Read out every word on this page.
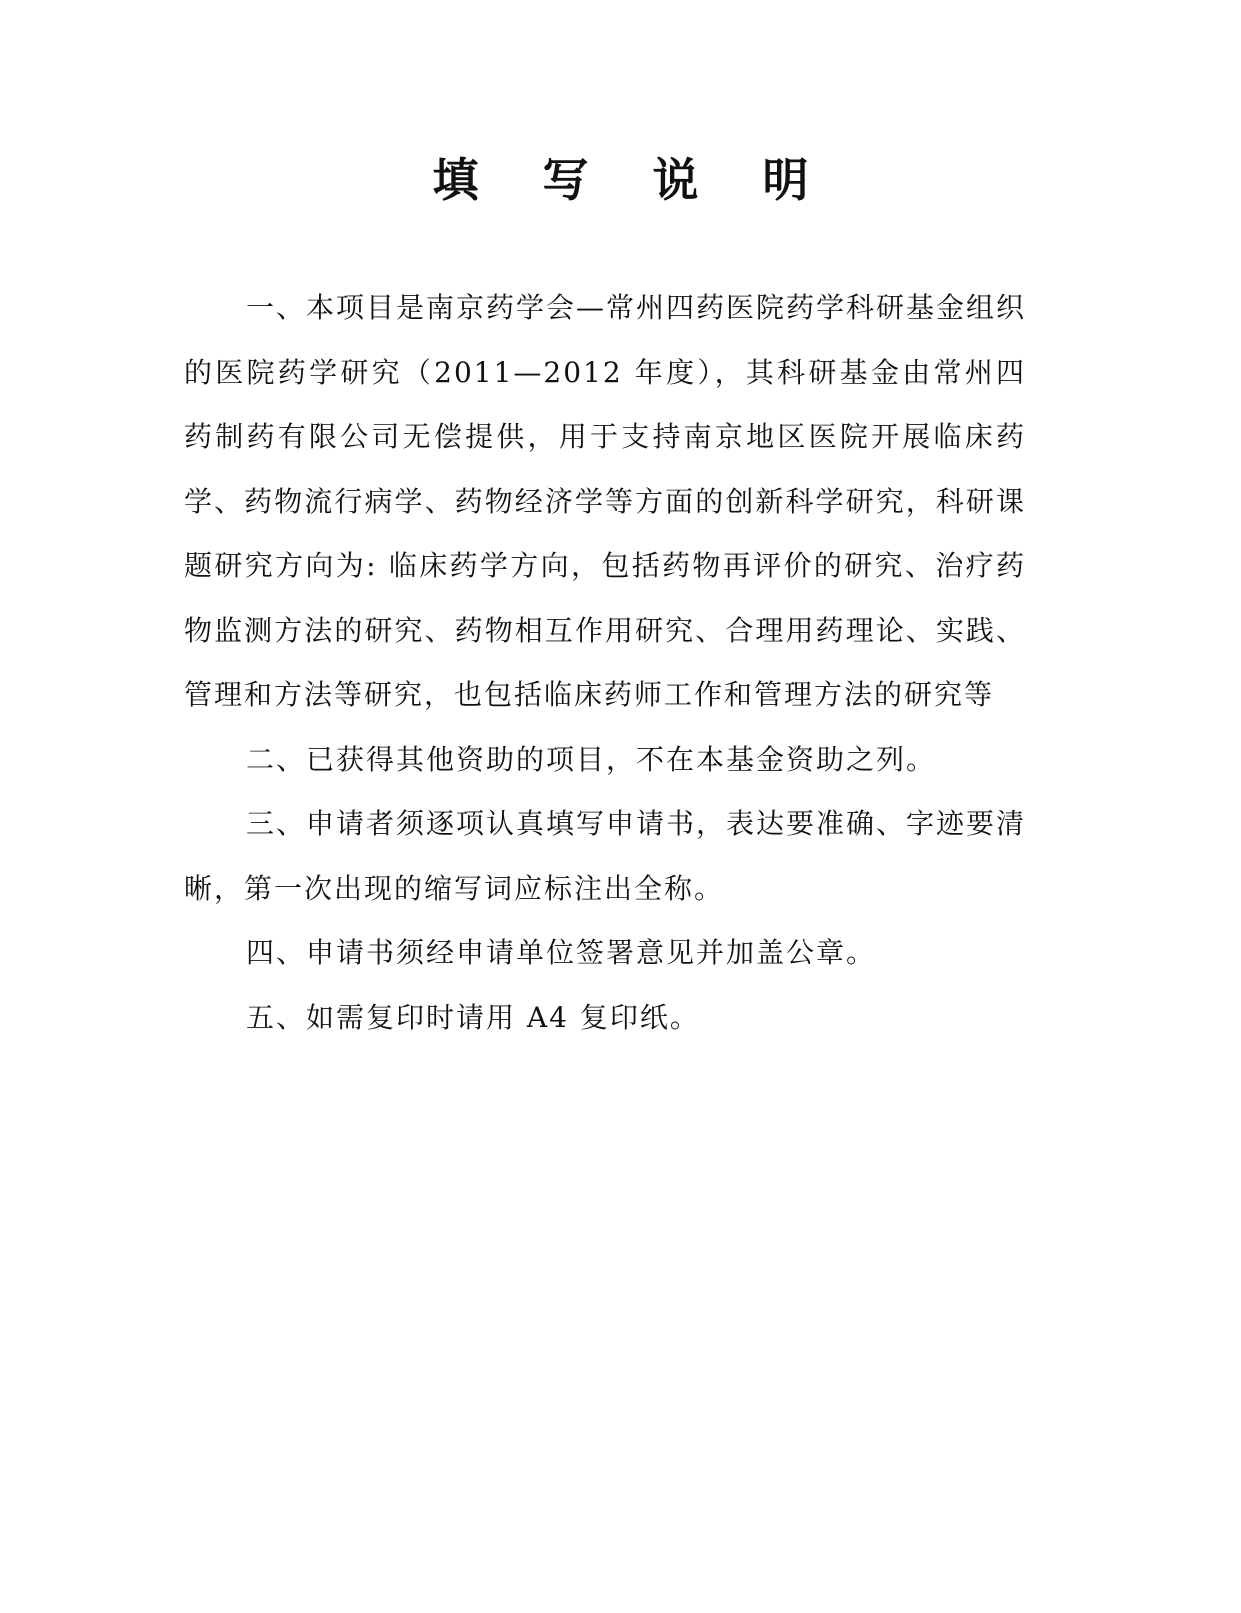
填 写 说 明

一、本项目是南京药学会—常州四药医院药学科研基金组织的医院药学研究（2011—2012 年度），其科研基金由常州四药制药有限公司无偿提供，用于支持南京地区医院开展临床药学、药物流行病学、药物经济学等方面的创新科学研究，科研课题研究方向为: 临床药学方向，包括药物再评价的研究、治疗药物监测方法的研究、药物相互作用研究、合理用药理论、实践、管理和方法等研究，也包括临床药师工作和管理方法的研究等

二、已获得其他资助的项目，不在本基金资助之列。

三、申请者须逐项认真填写申请书，表达要准确、字迹要清晰，第一次出现的缩写词应标注出全称。

四、申请书须经申请单位签署意见并加盖公章。

五、如需复印时请用 A4 复印纸。
